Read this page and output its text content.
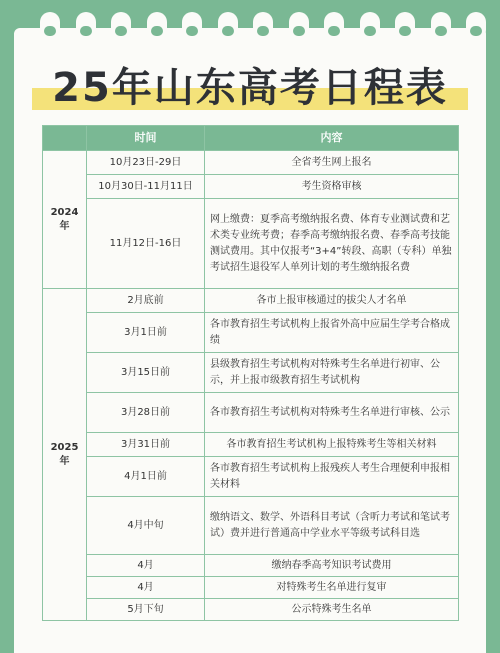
25年山东高考日程表
	时间	内容
2024年	10月23日-29日	全省考生网上报名
	10月30日-11月11日	考生资格审核
	11月12日-16日	网上缴费：夏季高考缴纳报名费、体育专业测试费和艺术类专业统考费；春季高考缴纳报名费、春季高考技能测试费用。其中仅报考“3+4”转段、高职（专科）单独考试招生退役军人单列计划的考生缴纳报名费
2025年	2月底前	各市上报审核通过的拔尖人才名单
	3月1日前	各市教育招生考试机构上报省外高中应届生学考合格成绩
	3月15日前	县级教育招生考试机构对特殊考生名单进行初审、公示，并上报市级教育招生考试机构
	3月28日前	各市教育招生考试机构对特殊考生名单进行审核、公示
	3月31日前	各市教育招生考试机构上报特殊考生等相关材料
	4月1日前	各市教育招生考试机构上报残疾人考生合理便利申报相关材料
	4月中旬	缴纳语文、数学、外语科目考试（含听力考试和笔试考试）费并进行普通高中学业水平等级考试科目选
	4月	缴纳春季高考知识考试费用
	4月	对特殊考生名单进行复审
	5月下旬	公示特殊考生名单
